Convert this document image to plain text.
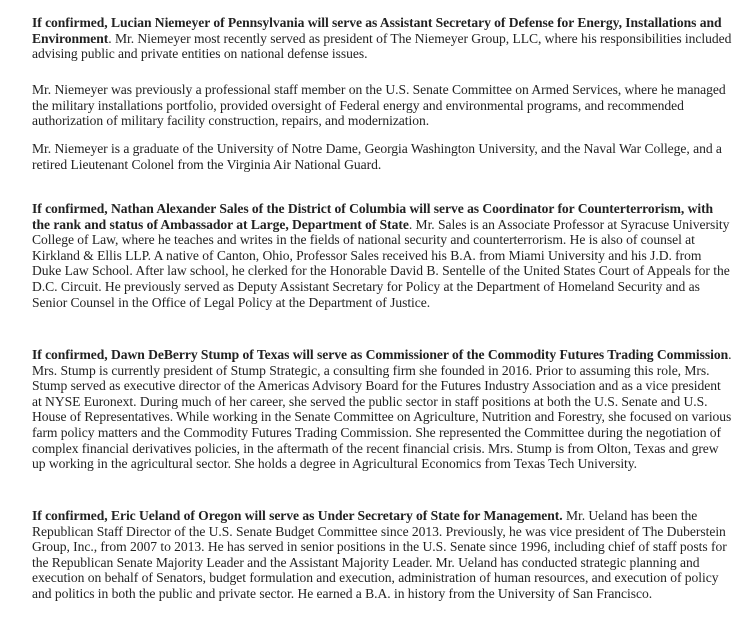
If confirmed, Lucian Niemeyer of Pennsylvania will serve as Assistant Secretary of Defense for Energy, Installations and Environment. Mr. Niemeyer most recently served as president of The Niemeyer Group, LLC, where his responsibilities included advising public and private entities on national defense issues.

Mr. Niemeyer was previously a professional staff member on the U.S. Senate Committee on Armed Services, where he managed the military installations portfolio, provided oversight of Federal energy and environmental programs, and recommended authorization of military facility construction, repairs, and modernization.

Mr. Niemeyer is a graduate of the University of Notre Dame, Georgia Washington University, and the Naval War College, and a retired Lieutenant Colonel from the Virginia Air National Guard.

If confirmed, Nathan Alexander Sales of the District of Columbia will serve as Coordinator for Counterterrorism, with the rank and status of Ambassador at Large, Department of State. Mr. Sales is an Associate Professor at Syracuse University College of Law, where he teaches and writes in the fields of national security and counterterrorism. He is also of counsel at Kirkland & Ellis LLP. A native of Canton, Ohio, Professor Sales received his B.A. from Miami University and his J.D. from Duke Law School. After law school, he clerked for the Honorable David B. Sentelle of the United States Court of Appeals for the D.C. Circuit. He previously served as Deputy Assistant Secretary for Policy at the Department of Homeland Security and as Senior Counsel in the Office of Legal Policy at the Department of Justice.

If confirmed, Dawn DeBerry Stump of Texas will serve as Commissioner of the Commodity Futures Trading Commission. Mrs. Stump is currently president of Stump Strategic, a consulting firm she founded in 2016. Prior to assuming this role, Mrs. Stump served as executive director of the Americas Advisory Board for the Futures Industry Association and as a vice president at NYSE Euronext. During much of her career, she served the public sector in staff positions at both the U.S. Senate and U.S. House of Representatives. While working in the Senate Committee on Agriculture, Nutrition and Forestry, she focused on various farm policy matters and the Commodity Futures Trading Commission. She represented the Committee during the negotiation of complex financial derivatives policies, in the aftermath of the recent financial crisis. Mrs. Stump is from Olton, Texas and grew up working in the agricultural sector. She holds a degree in Agricultural Economics from Texas Tech University.

If confirmed, Eric Ueland of Oregon will serve as Under Secretary of State for Management. Mr. Ueland has been the Republican Staff Director of the U.S. Senate Budget Committee since 2013. Previously, he was vice president of The Duberstein Group, Inc., from 2007 to 2013. He has served in senior positions in the U.S. Senate since 1996, including chief of staff posts for the Republican Senate Majority Leader and the Assistant Majority Leader. Mr. Ueland has conducted strategic planning and execution on behalf of Senators, budget formulation and execution, administration of human resources, and execution of policy and politics in both the public and private sector. He earned a B.A. in history from the University of San Francisco.
